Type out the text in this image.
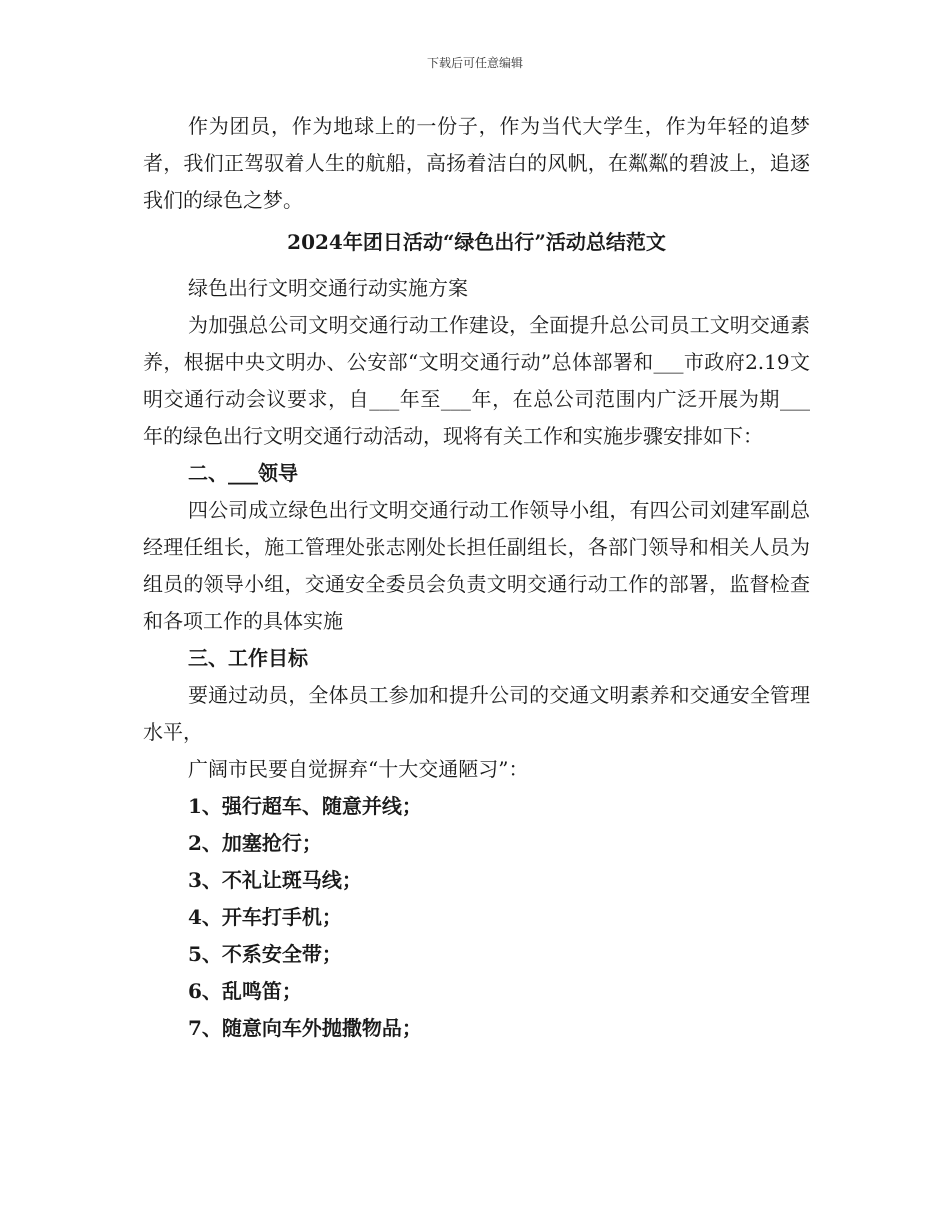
下载后可任意编辑

作为团员，作为地球上的一份子，作为当代大学生，作为年轻的追梦者，我们正驾驭着人生的航船，高扬着洁白的风帆，在粼粼的碧波上，追逐我们的绿色之梦。

2024年团日活动“绿色出行”活动总结范文

绿色出行文明交通行动实施方案

为加强总公司文明交通行动工作建设，全面提升总公司员工文明交通素养，根据中央文明办、公安部“文明交通行动”总体部署和___市政府2.19文明交通行动会议要求，自___年至___年，在总公司范围内广泛开展为期___年的绿色出行文明交通行动活动，现将有关工作和实施步骤安排如下：

二、___领导

四公司成立绿色出行文明交通行动工作领导小组，有四公司刘建军副总经理任组长，施工管理处张志刚处长担任副组长，各部门领导和相关人员为组员的领导小组，交通安全委员会负责文明交通行动工作的部署，监督检查和各项工作的具体实施

三、工作目标

要通过动员，全体员工参加和提升公司的交通文明素养和交通安全管理水平，

广阔市民要自觉摒弃“十大交通陋习”：

1、强行超车、随意并线；

2、加塞抢行；

3、不礼让斑马线；

4、开车打手机；

5、不系安全带；

6、乱鸣笛；

7、随意向车外抛撒物品；
